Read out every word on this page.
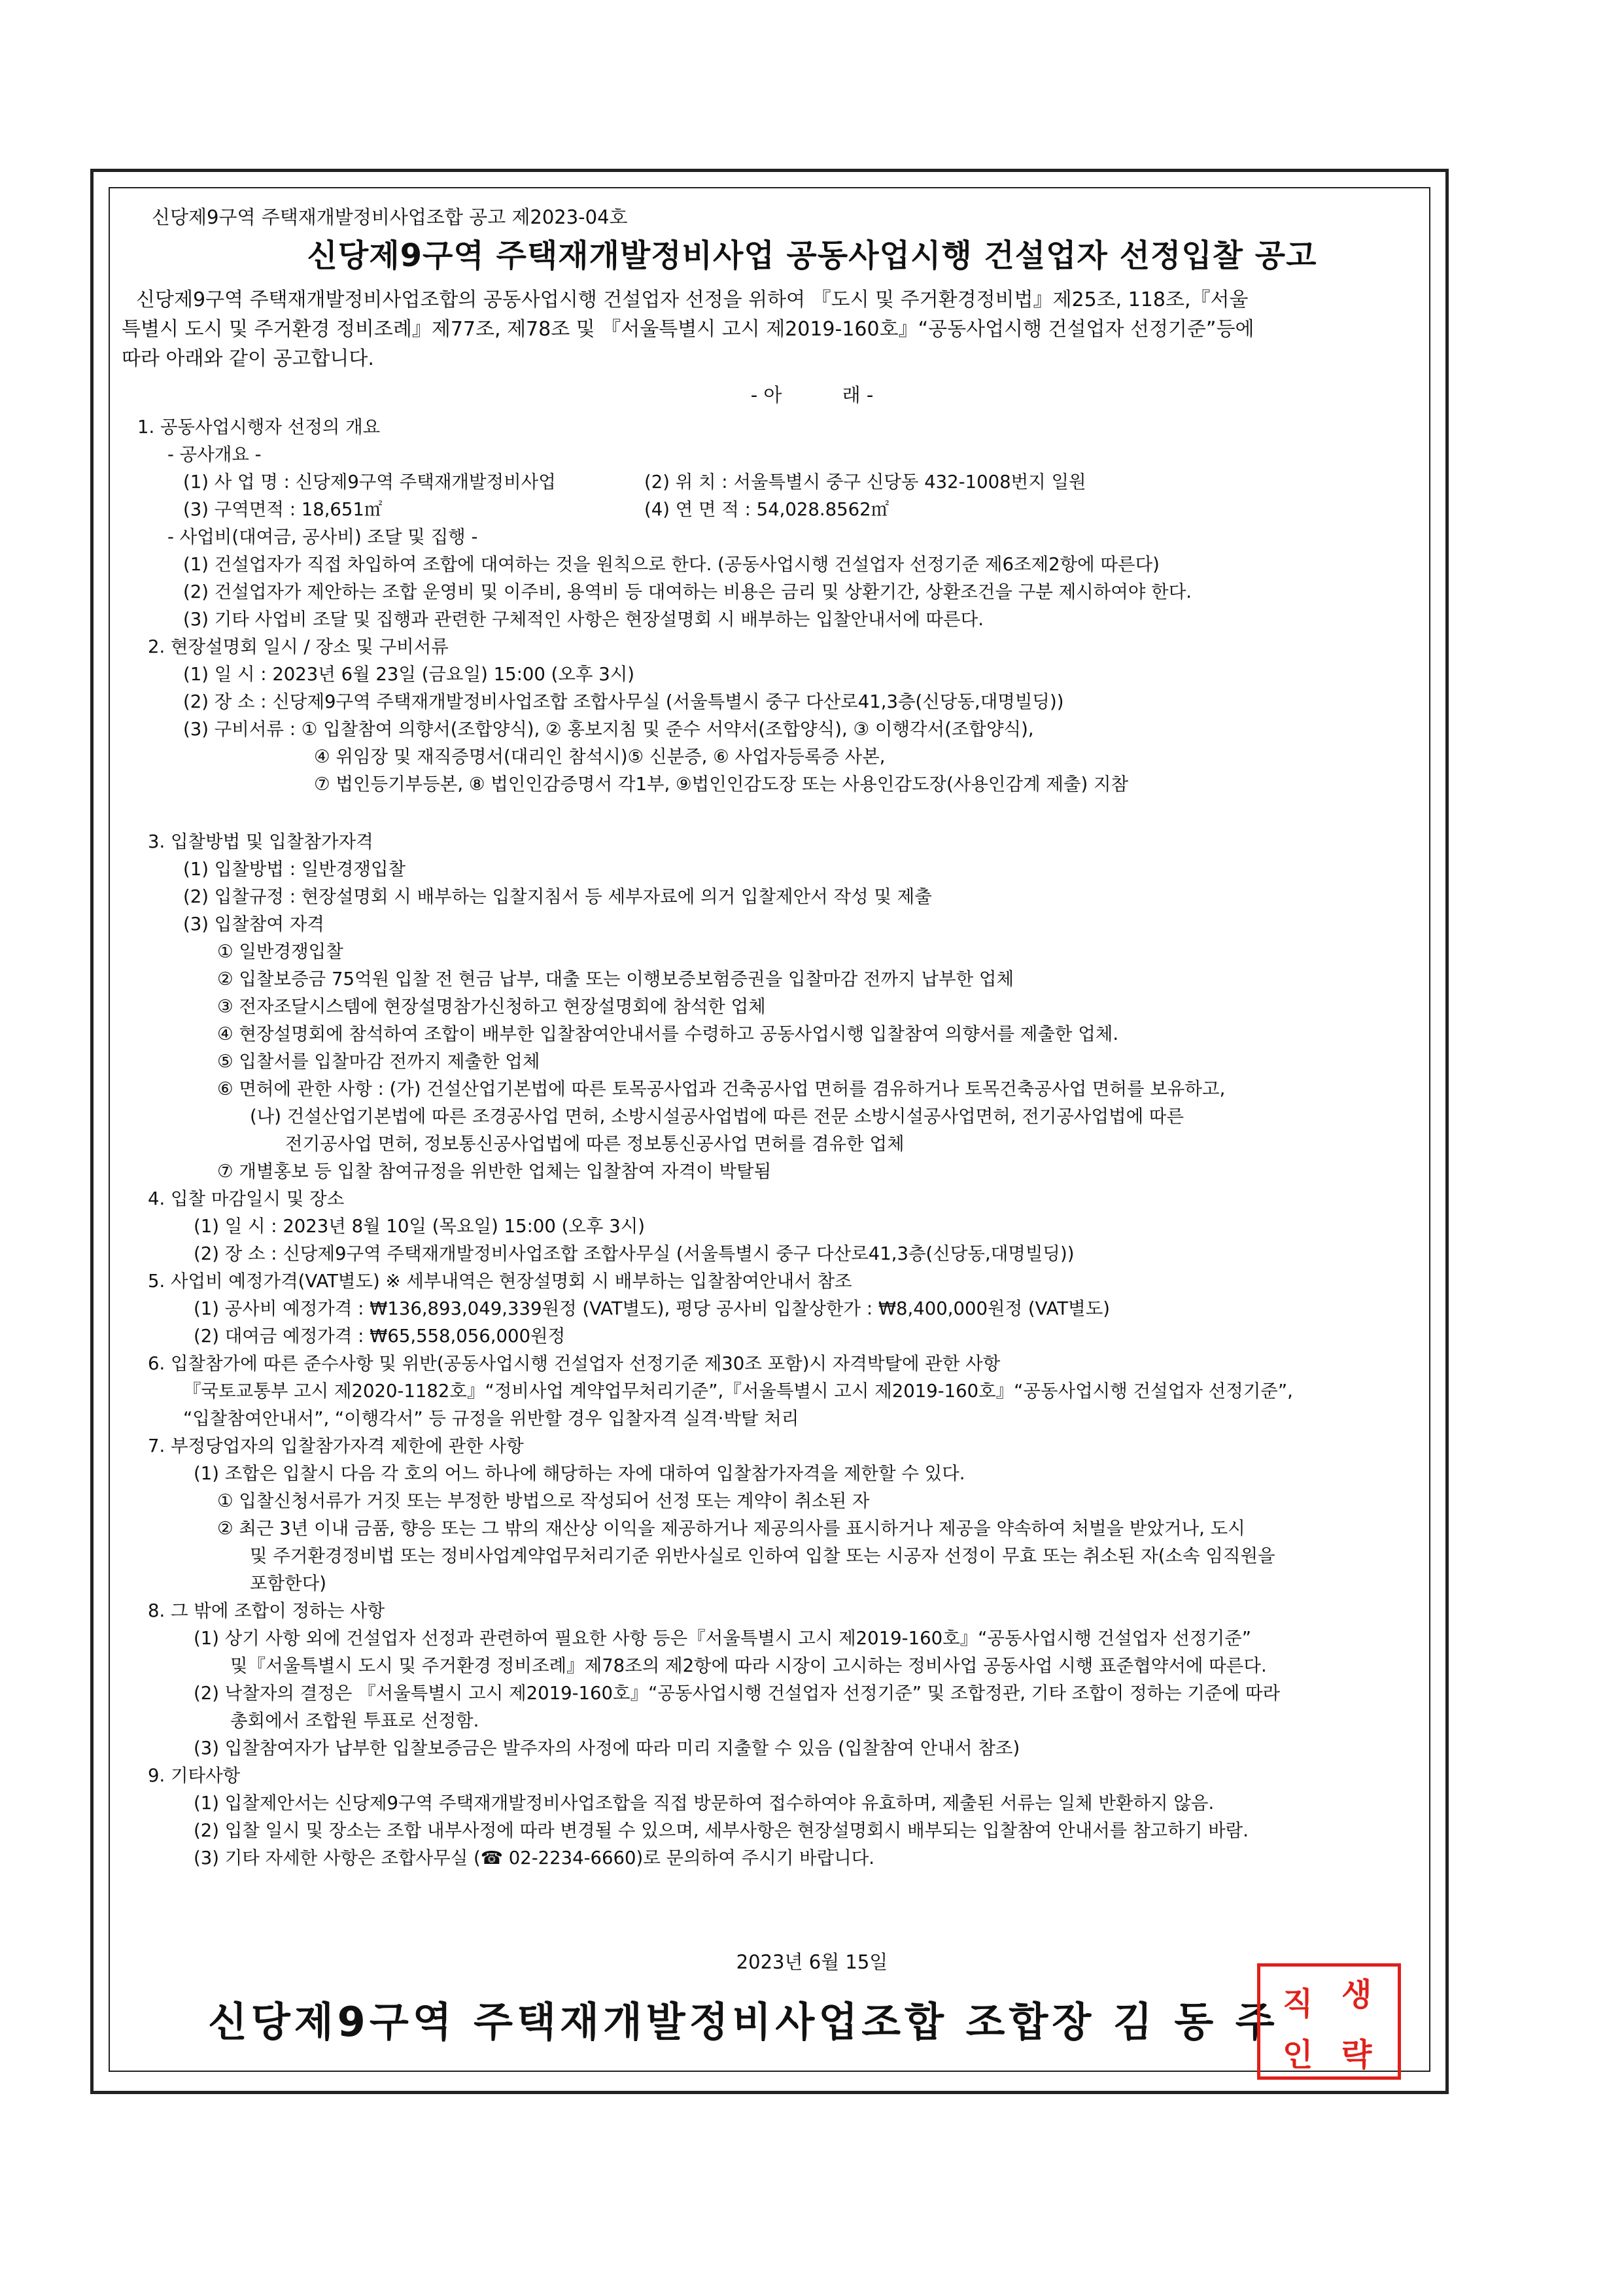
신당제9구역 주택재개발정비사업조합 공고 제2023-04호
신당제9구역 주택재개발정비사업 공동사업시행 건설업자 선정입찰 공고

신당제9구역 주택재개발정비사업조합의 공동사업시행 건설업자 선정을 위하여 『도시 및 주거환경정비법』제25조, 118조,『서울

특별시 도시 및 주거환경 정비조례』제77조, 제78조 및 『서울특별시 고시 제2019-160호』“공동사업시행 건설업자 선정기준”등에

따라 아래와 같이 공고합니다.

- 아          래 -
1. 공동사업시행자 선정의 개요
- 공사개요 -
(1) 사 업 명 : 신당제9구역 주택재개발정비사업	(2) 위 치 : 서울특별시 중구 신당동 432-1008번지 일원
(3) 구역면적 : 18,651㎡	(4) 연 면 적 : 54,028.8562㎡
- 사업비(대여금, 공사비) 조달 및 집행 -
(1) 건설업자가 직접 차입하여 조합에 대여하는 것을 원칙으로 한다. (공동사업시행 건설업자 선정기준 제6조제2항에 따른다)
(2) 건설업자가 제안하는 조합 운영비 및 이주비, 용역비 등 대여하는 비용은 금리 및 상환기간, 상환조건을 구분 제시하여야 한다.
(3) 기타 사업비 조달 및 집행과 관련한 구체적인 사항은 현장설명회 시 배부하는 입찰안내서에 따른다.
2. 현장설명회 일시 / 장소 및 구비서류
(1) 일 시 : 2023년 6월 23일 (금요일) 15:00 (오후 3시)
(2) 장 소 : 신당제9구역 주택재개발정비사업조합 조합사무실 (서울특별시 중구 다산로41,3층(신당동,대명빌딩))
(3) 구비서류 : ① 입찰참여 의향서(조합양식), ② 홍보지침 및 준수 서약서(조합양식), ③ 이행각서(조합양식),
④ 위임장 및 재직증명서(대리인 참석시)⑤ 신분증, ⑥ 사업자등록증 사본,
⑦ 법인등기부등본, ⑧ 법인인감증명서 각1부, ⑨법인인감도장 또는 사용인감도장(사용인감계 제출) 지참
3. 입찰방법 및 입찰참가자격
(1) 입찰방법 : 일반경쟁입찰
(2) 입찰규정 : 현장설명회 시 배부하는 입찰지침서 등 세부자료에 의거 입찰제안서 작성 및 제출
(3) 입찰참여 자격
① 일반경쟁입찰
② 입찰보증금 75억원 입찰 전 현금 납부, 대출 또는 이행보증보험증권을 입찰마감 전까지 납부한 업체
③ 전자조달시스템에 현장설명참가신청하고 현장설명회에 참석한 업체
④ 현장설명회에 참석하여 조합이 배부한 입찰참여안내서를 수령하고 공동사업시행 입찰참여 의향서를 제출한 업체.
⑤ 입찰서를 입찰마감 전까지 제출한 업체
⑥ 면허에 관한 사항 : (가) 건설산업기본법에 따른 토목공사업과 건축공사업 면허를 겸유하거나 토목건축공사업 면허를 보유하고,
(나) 건설산업기본법에 따른 조경공사업 면허, 소방시설공사업법에 따른 전문 소방시설공사업면허, 전기공사업법에 따른
전기공사업 면허, 정보통신공사업법에 따른 정보통신공사업 면허를 겸유한 업체
⑦ 개별홍보 등 입찰 참여규정을 위반한 업체는 입찰참여 자격이 박탈됨
4. 입찰 마감일시 및 장소
(1) 일 시 : 2023년 8월 10일 (목요일) 15:00 (오후 3시)
(2) 장 소 : 신당제9구역 주택재개발정비사업조합 조합사무실 (서울특별시 중구 다산로41,3층(신당동,대명빌딩))
5. 사업비 예정가격(VAT별도) ※ 세부내역은 현장설명회 시 배부하는 입찰참여안내서 참조
(1) 공사비 예정가격 : ₩136,893,049,339원정 (VAT별도), 평당 공사비 입찰상한가 : ₩8,400,000원정 (VAT별도)
(2) 대여금 예정가격 : ₩65,558,056,000원정
6. 입찰참가에 따른 준수사항 및 위반(공동사업시행 건설업자 선정기준 제30조 포함)시 자격박탈에 관한 사항
『국토교통부 고시 제2020-1182호』“정비사업 계약업무처리기준”,『서울특별시 고시 제2019-160호』“공동사업시행 건설업자 선정기준”,
“입찰참여안내서”, “이행각서” 등 규정을 위반할 경우 입찰자격 실격·박탈 처리
7. 부정당업자의 입찰참가자격 제한에 관한 사항
(1) 조합은 입찰시 다음 각 호의 어느 하나에 해당하는 자에 대하여 입찰참가자격을 제한할 수 있다.
① 입찰신청서류가 거짓 또는 부정한 방법으로 작성되어 선정 또는 계약이 취소된 자
② 최근 3년 이내 금품, 향응 또는 그 밖의 재산상 이익을 제공하거나 제공의사를 표시하거나 제공을 약속하여 처벌을 받았거나, 도시
및 주거환경정비법 또는 정비사업계약업무처리기준 위반사실로 인하여 입찰 또는 시공자 선정이 무효 또는 취소된 자(소속 임직원을
포함한다)
8. 그 밖에 조합이 정하는 사항
(1) 상기 사항 외에 건설업자 선정과 관련하여 필요한 사항 등은『서울특별시 고시 제2019-160호』“공동사업시행 건설업자 선정기준”
및『서울특별시 도시 및 주거환경 정비조례』제78조의 제2항에 따라 시장이 고시하는 정비사업 공동사업 시행 표준협약서에 따른다.
(2) 낙찰자의 결정은 『서울특별시 고시 제2019-160호』“공동사업시행 건설업자 선정기준” 및 조합정관, 기타 조합이 정하는 기준에 따라
총회에서 조합원 투표로 선정함.
(3) 입찰참여자가 납부한 입찰보증금은 발주자의 사정에 따라 미리 지출할 수 있음 (입찰참여 안내서 참조)
9. 기타사항
(1) 입찰제안서는 신당제9구역 주택재개발정비사업조합을 직접 방문하여 접수하여야 유효하며, 제출된 서류는 일체 반환하지 않음.
(2) 입찰 일시 및 장소는 조합 내부사정에 따라 변경될 수 있으며, 세부사항은 현장설명회시 배부되는 입찰참여 안내서를 참고하기 바람.
(3) 기타 자세한 사항은 조합사무실 (☎ 02-2234-6660)로 문의하여 주시기 바랍니다.
2023년 6월 15일
신당제9구역 주택재개발정비사업조합 조합장 김 동 주 직 생
인 략
